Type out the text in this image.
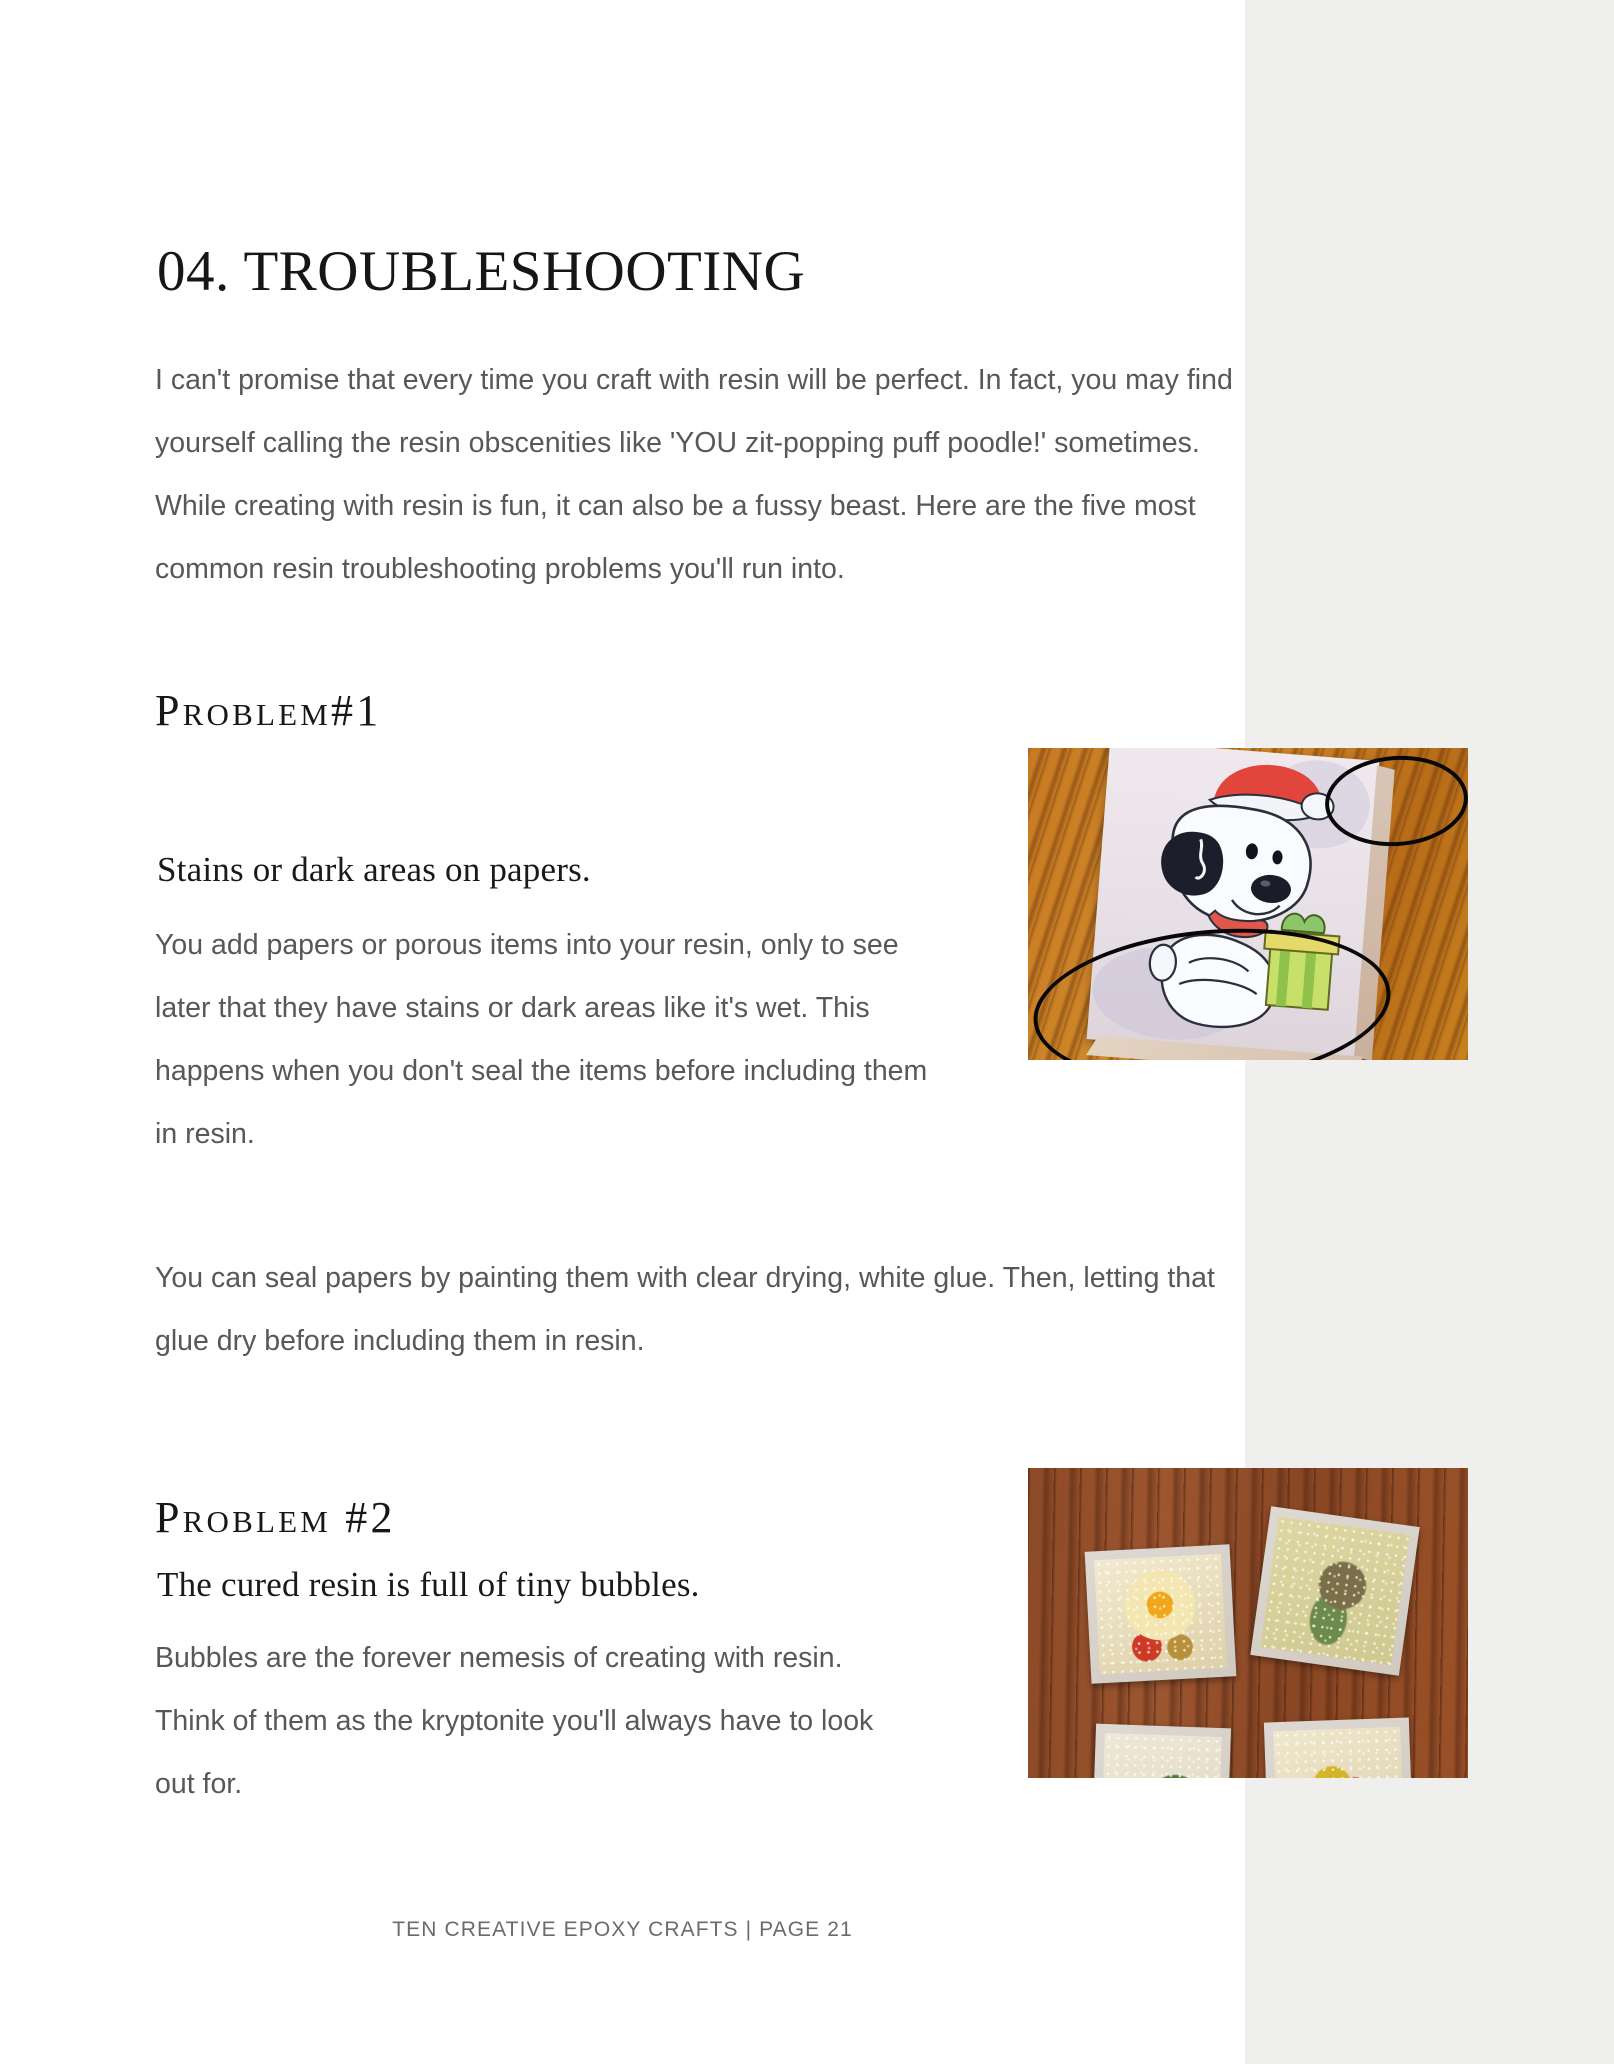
04. TROUBLESHOOTING

I can't promise that every time you craft with resin will be perfect. In fact, you may find yourself calling the resin obscenities like 'YOU zit-popping puff poodle!' sometimes. While creating with resin is fun, it can also be a fussy beast. Here are the five most common resin troubleshooting problems you'll run into.

Problem#1
Stains or dark areas on papers.

You add papers or porous items into your resin, only to see later that they have stains or dark areas like it's wet. This happens when you don't seal the items before including them in resin.

You can seal papers by painting them with clear drying, white glue. Then, letting that glue dry before including them in resin.

Problem #2
The cured resin is full of tiny bubbles.

Bubbles are the forever nemesis of creating with resin. Think of them as the kryptonite you'll always have to look out for.

TEN CREATIVE EPOXY CRAFTS | PAGE 21
